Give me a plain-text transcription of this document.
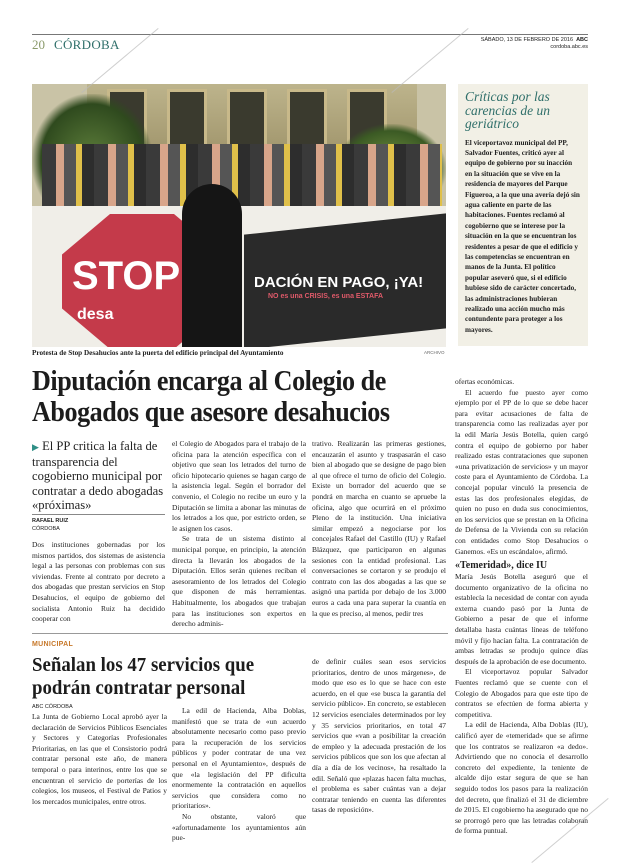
20 CÓRDOBA	SÁBADO, 13 DE FEBRERO DE 2016 ABC
cordoba.abc.es
STOP
desa
DACIÓN EN PAGO, ¡YA!
NO es una CRISIS, es una ESTAFA
Protesta de Stop Desahucios ante la puerta del edificio principal del Ayuntamiento	ARCHIVO
Críticas por las carencias de un geriátrico
El viceportavoz municipal del PP, Salvador Fuentes, criticó ayer al equipo de gobierno por su inacción en la situación que se vive en la residencia de mayores del Parque Figueroa, a la que una avería dejó sin agua caliente en parte de las habitaciones. Fuentes reclamó al cogobierno que se interese por la situación en la que se encuentran los residentes a pesar de que el edificio y las competencias se encuentran en manos de la Junta. El político popular aseveró que, si el edificio hubiese sido de carácter concertado, las administraciones hubieran realizado una acción mucho más contundente para proteger a los mayores.
Diputación encarga al Colegio de Abogados que asesore desahucios
▶ El PP critica la falta de transparencia del cogobierno municipal por contratar a dedo abogadas «próximas»
RAFAEL RUIZ
CÓRDOBA

Dos instituciones gobernadas por los mismos partidos, dos sistemas de asistencia legal a las personas con problemas con sus viviendas. Frente al contrato por decreto a dos abogadas que prestan servicios en Stop Desahucios, el equipo de gobierno del socialista Antonio Ruiz ha decidido cooperar con

el Colegio de Abogados para el trabajo de la oficina para la atención específica con el objetivo que sean los letrados del turno de oficio hipotecario quienes se hagan cargo de la asistencia legal. Según el borrador del convenio, el Colegio no recibe un euro y la Diputación se limita a abonar las minutas de los letrados a los que, por estricto orden, se le asignen los casos.

Se trata de un sistema distinto al municipal porque, en principio, la atención directa la llevarán los abogados de la Diputación. Ellos serán quienes reciban el asesoramiento de los letrados del Colegio que disponen de más herramientas. Habitualmente, los abogados que trabajan para las instituciones son expertos en derecho adminis-

trativo. Realizarán las primeras gestiones, encauzarán el asunto y traspasarán el caso bien al abogado que se designe de pago bien al que ofrece el turno de oficio del Colegio. Existe un borrador del acuerdo que se pondrá en marcha en cuanto se apruebe la oficina, algo que ocurrirá en el próximo Pleno de la institución. Una iniciativa similar empezó a negociarse por los concejales Rafael del Castillo (IU) y Rafael Blázquez, que participaron en algunas sesiones con la entidad profesional. Las conversaciones se cortaron y se produjo el contrato con las dos abogadas a las que se asignó una partida por debajo de los 3.000 euros a cada una para superar la cuantía en la que es preciso, al menos, pedir tres

ofertas económicas.

El acuerdo fue puesto ayer como ejemplo por el PP de lo que se debe hacer para evitar acusaciones de falta de transparencia como las realizadas ayer por la edil María Jesús Botella, quien cargó contra el equipo de gobierno por haber realizado estas contrataciones que suponen «una privatización de servicios» y un mayor coste para el Ayuntamiento de Córdoba. La concejal popular vinculó la presencia de estas las dos profesionales elegidas, de quien no puso en duda sus conocimientos, en los servicios que se prestan en la Oficina de Defensa de la Vivienda con su relación con entidades como Stop Desahucios o Ganemos. «Es un escándalo», afirmó.

«Temeridad», dice IU

María Jesús Botella aseguró que el documento organizativo de la oficina no establecía la necesidad de contar con ayuda externa cuando pasó por la Junta de Gobierno a pesar de que el informe detallaba hasta cuántas líneas de teléfono móvil y fijo hacían falta. La contratación de ambas letradas se produjo quince días después de la aprobación de ese documento.

El viceportavoz popular Salvador Fuentes reclamó que se cuente con el Colegio de Abogados para que este tipo de contratos se efectúen de forma abierta y competitiva.

La edil de Hacienda, Alba Doblas (IU), calificó ayer de «temeridad» que se afirme que los contratos se realizaron «a dedo». Advirtiendo que no conocía el desarrollo concreto del expediente, la teniente de alcalde dijo estar segura de que se han seguido todos los pasos para la realización del decreto, que finalizó el 31 de diciembre de 2015. El cogobierno ha asegurado que no se prorrogó pero que las letradas colaboran de forma puntual.

MUNICIPAL
Señalan los 47 servicios que podrán contratar personal
ABC CÓRDOBA

La Junta de Gobierno Local aprobó ayer la declaración de Servicios Públicos Esenciales y Sectores y Categorías Profesionales Prioritarias, en las que el Consistorio podrá contratar personal este año, de manera temporal o para interinos, entre los que se encuentran el servicio de porterías de los colegios, los museos, el Festival de Patios y los mercados municipales, entre otros.

La edil de Hacienda, Alba Doblas, manifestó que se trata de «un acuerdo absolutamente necesario como paso previo para la recuperación de los servicios públicos y poder contratar de una vez personal en el Ayuntamiento», después de que «la legislación del PP dificulta enormemente la contratación en aquellos servicios que considera como no prioritarios».

No obstante, valoró que «afortunadamente los ayuntamientos aún pue-

de definir cuáles sean esos servicios prioritarios, dentro de unos márgenes», de modo que eso es lo que se hace con este acuerdo, en el que «se busca la garantía del servicio público». En concreto, se establecen 12 servicios esenciales determinados por ley y 35 servicios prioritarios, en total 47 servicios que «van a posibilitar la creación de empleo y la adecuada prestación de los servicios públicos que son los que afectan al día a día de los vecinos», ha resaltado la edil. Señaló que «plazas hacen falta muchas, el problema es saber cuántas van a dejar contratar teniendo en cuenta las diferentes tasas de reposición».
